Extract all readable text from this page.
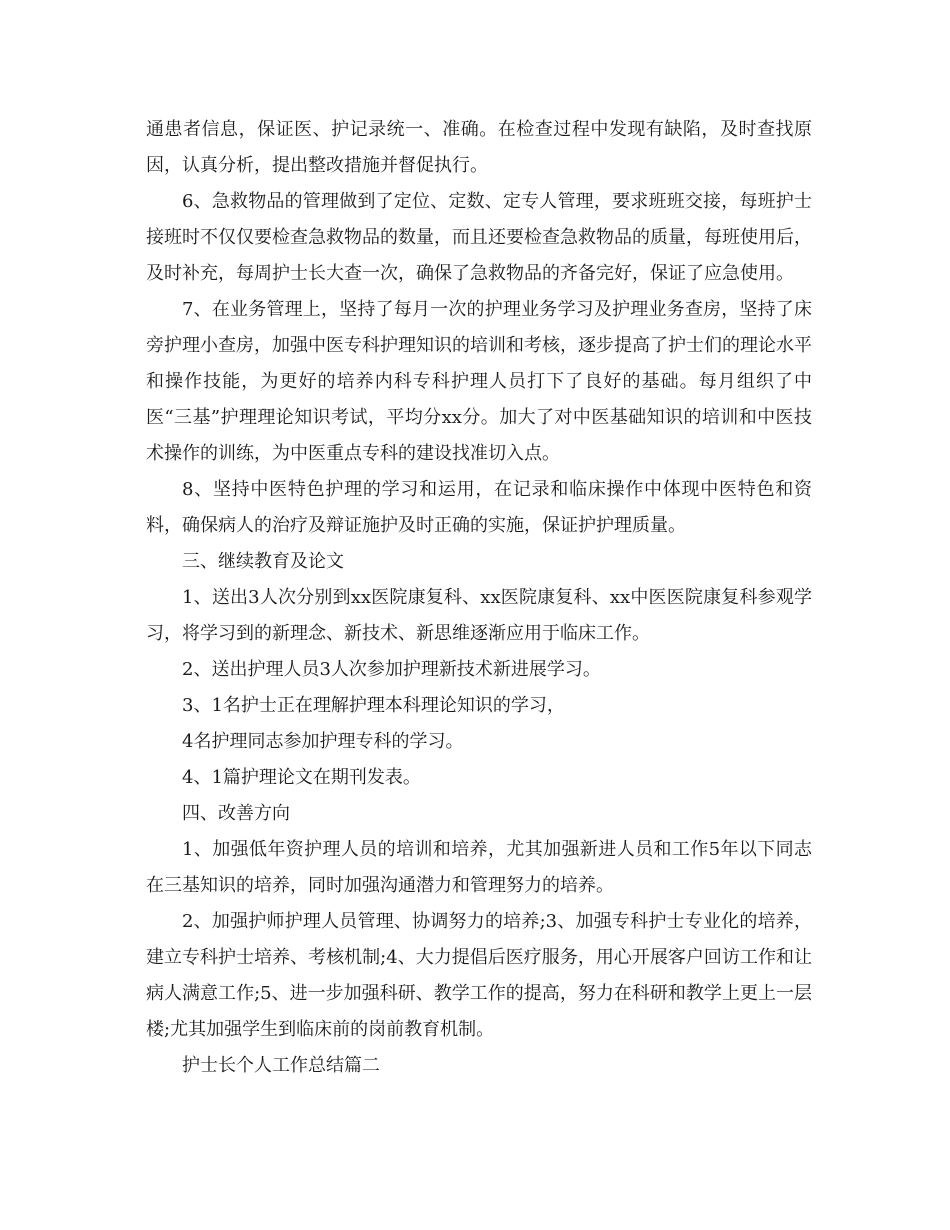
通患者信息，保证医、护记录统一、准确。在检查过程中发现有缺陷，及时查找原因，认真分析，提出整改措施并督促执行。

6、急救物品的管理做到了定位、定数、定专人管理，要求班班交接，每班护士接班时不仅仅要检查急救物品的数量，而且还要检查急救物品的质量，每班使用后，及时补充，每周护士长大查一次，确保了急救物品的齐备完好，保证了应急使用。

7、在业务管理上，坚持了每月一次的护理业务学习及护理业务查房，坚持了床旁护理小查房，加强中医专科护理知识的培训和考核，逐步提高了护士们的理论水平和操作技能，为更好的培养内科专科护理人员打下了良好的基础。每月组织了中医“三基”护理理论知识考试，平均分xx分。加大了对中医基础知识的培训和中医技术操作的训练，为中医重点专科的建设找准切入点。

8、坚持中医特色护理的学习和运用，在记录和临床操作中体现中医特色和资料，确保病人的治疗及辩证施护及时正确的实施，保证护护理质量。

三、继续教育及论文

1、送出3人次分别到xx医院康复科、xx医院康复科、xx中医医院康复科参观学习，将学习到的新理念、新技术、新思维逐渐应用于临床工作。

2、送出护理人员3人次参加护理新技术新进展学习。

3、1名护士正在理解护理本科理论知识的学习，

4名护理同志参加护理专科的学习。

4、1篇护理论文在期刊发表。

四、改善方向

1、加强低年资护理人员的培训和培养，尤其加强新进人员和工作5年以下同志在三基知识的培养，同时加强沟通潜力和管理努力的培养。

2、加强护师护理人员管理、协调努力的培养;3、加强专科护士专业化的培养，建立专科护士培养、考核机制;4、大力提倡后医疗服务，用心开展客户回访工作和让病人满意工作;5、进一步加强科研、教学工作的提高，努力在科研和教学上更上一层楼;尤其加强学生到临床前的岗前教育机制。

护士长个人工作总结篇二
